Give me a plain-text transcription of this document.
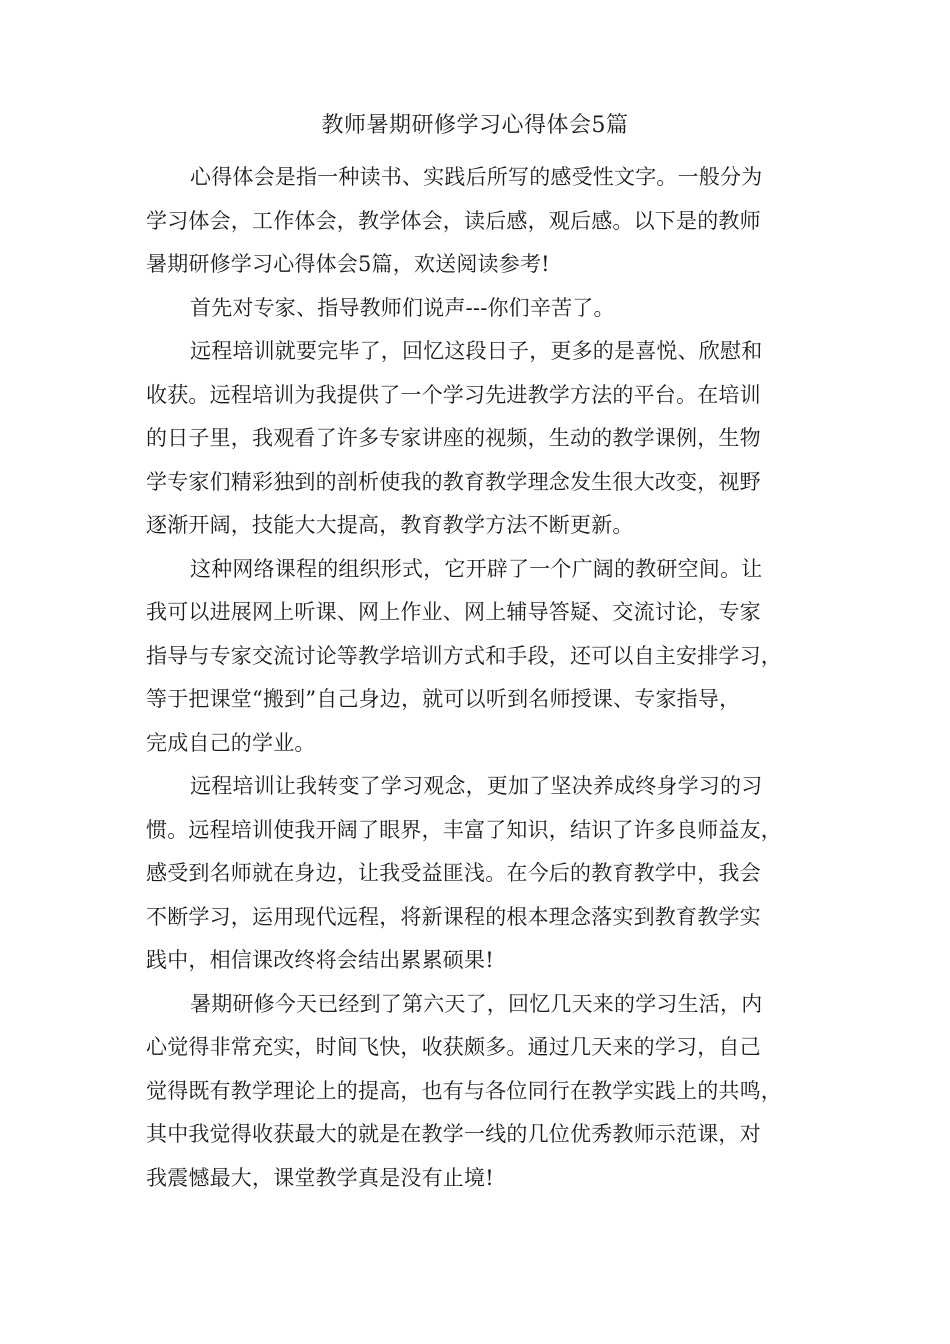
教师暑期研修学习心得体会5篇

心得体会是指一种读书、实践后所写的感受性文字。一般分为
学习体会，工作体会，教学体会，读后感，观后感。以下是的教师
暑期研修学习心得体会5篇，欢送阅读参考!

首先对专家、指导教师们说声---你们辛苦了。

远程培训就要完毕了，回忆这段日子，更多的是喜悦、欣慰和
收获。远程培训为我提供了一个学习先进教学方法的平台。在培训
的日子里，我观看了许多专家讲座的视频，生动的教学课例，生物
学专家们精彩独到的剖析使我的教育教学理念发生很大改变，视野
逐渐开阔，技能大大提高，教育教学方法不断更新。

这种网络课程的组织形式，它开辟了一个广阔的教研空间。让
我可以进展网上听课、网上作业、网上辅导答疑、交流讨论，专家
指导与专家交流讨论等教学培训方式和手段，还可以自主安排学习，
等于把课堂“搬到”自己身边，就可以听到名师授课、专家指导，
完成自己的学业。

远程培训让我转变了学习观念，更加了坚决养成终身学习的习
惯。远程培训使我开阔了眼界，丰富了知识，结识了许多良师益友，
感受到名师就在身边，让我受益匪浅。在今后的教育教学中，我会
不断学习，运用现代远程，将新课程的根本理念落实到教育教学实
践中，相信课改终将会结出累累硕果!

暑期研修今天已经到了第六天了，回忆几天来的学习生活，内
心觉得非常充实，时间飞快，收获颇多。通过几天来的学习，自己
觉得既有教学理论上的提高，也有与各位同行在教学实践上的共鸣，
其中我觉得收获最大的就是在教学一线的几位优秀教师示范课，对
我震憾最大，课堂教学真是没有止境!
